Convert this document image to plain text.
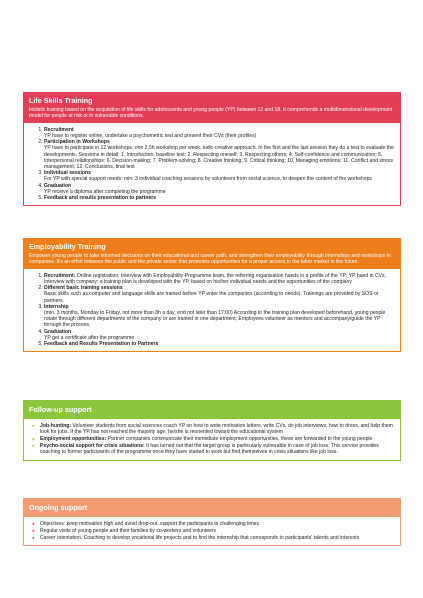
Life Skills Training
Holistic training based on the acquisition of life skills for adolescents and young people (YP) between 12 and 18. It comprehends a multidimensional development model for people at risk or in vulnerable conditions.
1. Recruitment
YP have to register online, undertake a psychometric test and present their CVs (their profiles)
2. Participation in Workshops
YP have to participate in 12 workshops, one 2,5h workshop per week, ludic-creative approach. In the first and the last session they do a test to evaluate the developments. Sessions in detail: 1. Introduction, baseline test; 2. Respecting oneself; 3. Respecting others; 4. Self-confidence and communication; 5. Interpersonal relationships; 6. Decision-making; 7. Problem-solving; 8. Creative thinking; 9. Critical thinking; 10. Managing emotions; 11. Conflict and stress management; 12. Conclusions, final test
3. Individual sessions
For YP with special support needs: min. 3 individual coaching sessions by volunteers from social science, to deepen the content of the workshops
4. Graduation
YP receive a diploma after completing the programme
5. Feedback and results presentation to partners
Employability Training
Empower young people to take informed decisions on their educational and career path, and strengthen their employability through internships and workshops in companies. It's an effort between the public and the private sector that promotes opportunities for a proper access to the labor market in the future.
1. Recruitment: Online registration, Interview with Employability Programme team, the referring organisation hands in a profile of the YP; YP hand in CVs, Interview with company: a training plan is developed with the YP, based on his/her individual needs and the opportunities of the company
2. Different basic training sessions
Basic skills such as computer and language skills are trained before YP enter the companies (according to needs). Trainings are provided by SOS or partners.
3. Internship
(min. 3 months, Monday to Friday, not more than 8h a day, end not later than 17:00) According to the training plan developed beforehand, young people rotate through different departments of the company or are trained in one department; Employees volunteer as mentors and accompany/guide the YP through the process.
4. Graduation
YP get a certificate after the programme
5. Feedback and Results Presentation to Partners
Follow-up support
● Job-hunting: Volunteer students from social sciences coach YP on how to write motivation letters, write CVs, do job interviews, how to dress, and help them look for jobs. If the YP has not reached the majority age, he/she is reoriented toward the educational system
● Employment opportunities: Partner companies communicate their immediate employment opportunities, these are forwarded to the young people
● Psycho-social support for crisis situations: It has turned out that the target group is particularly vulnerable in case of job loss. This service provides coaching to former participants of the programme once they have started to work but find themselves in crisis situations like job loss.
Ongoing support
● Objectives: keep motivation high and avoid drop-out, support the participants in challenging times
● Regular visits of young people and their families by co-workers and volunteers
● Career orientation, Coaching to develop vocational life projects and to find the internship that corresponds to participants' talents and interests
